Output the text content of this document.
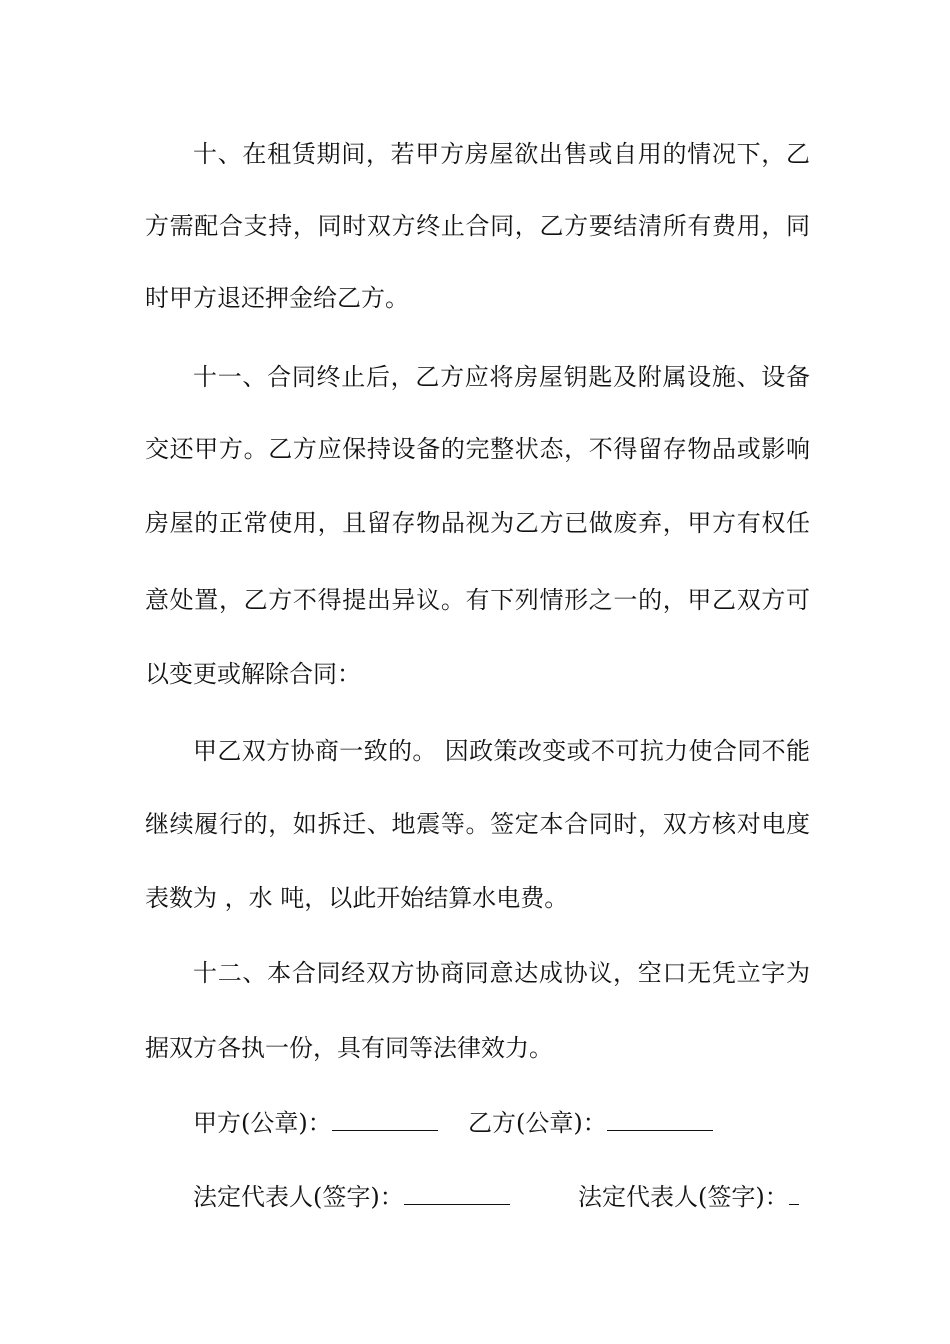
十、在租赁期间，若甲方房屋欲出售或自用的情况下，乙
方需配合支持，同时双方终止合同，乙方要结清所有费用，同
时甲方退还押金给乙方。
十一、合同终止后，乙方应将房屋钥匙及附属设施、设备
交还甲方。乙方应保持设备的完整状态，不得留存物品或影响
房屋的正常使用，且留存物品视为乙方已做废弃，甲方有权任
意处置，乙方不得提出异议。有下列情形之一的，甲乙双方可
以变更或解除合同：
甲乙双方协商一致的。 因政策改变或不可抗力使合同不能
继续履行的，如拆迁、地震等。签定本合同时，双方核对电度
表数为 ，水 吨，以此开始结算水电费。
十二、本合同经双方协商同意达成协议，空口无凭立字为
据双方各执一份，具有同等法律效力。
甲方(公章)：	乙方(公章)：
法定代表人(签字)：	法定代表人(签字)：
